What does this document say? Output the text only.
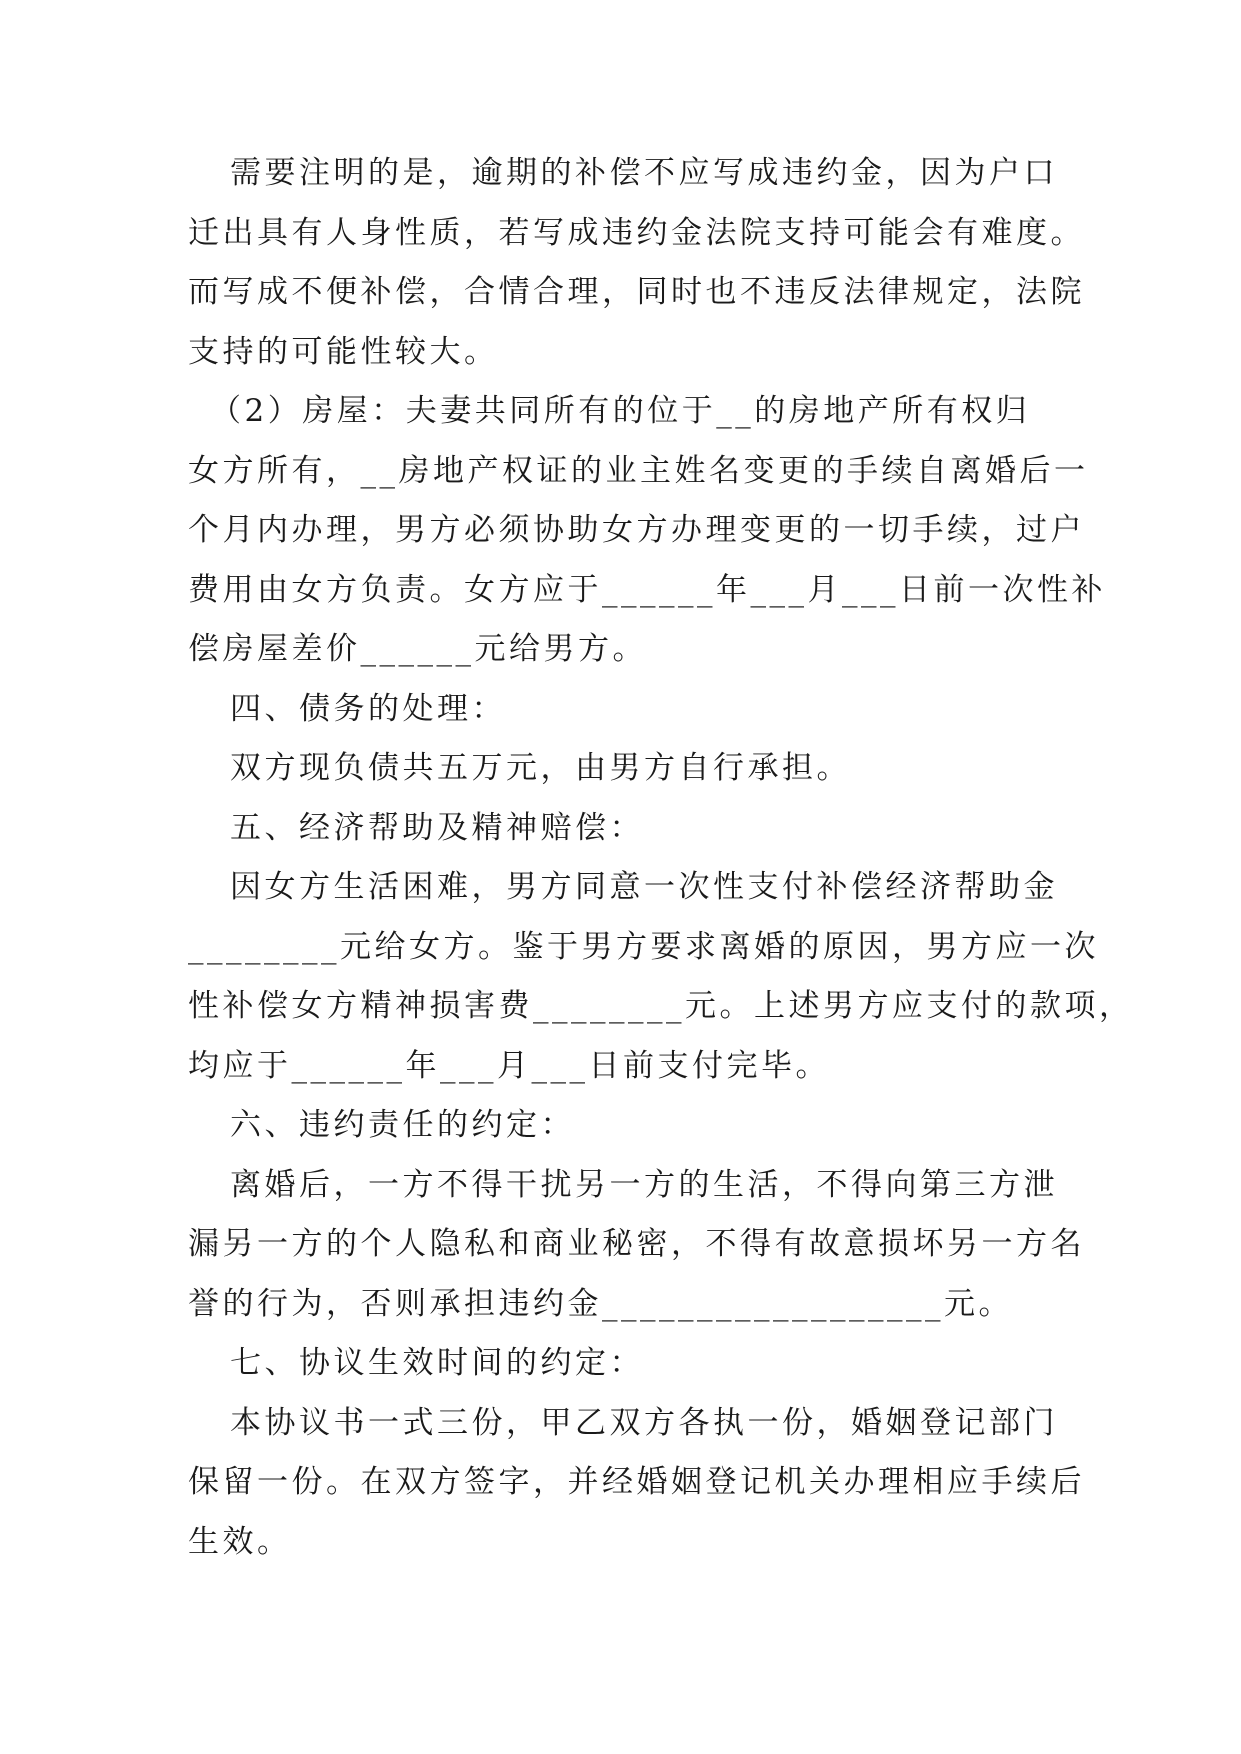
需要注明的是，逾期的补偿不应写成违约金，因为户口
迁出具有人身性质，若写成违约金法院支持可能会有难度。
而写成不便补偿，合情合理，同时也不违反法律规定，法院
支持的可能性较大。
（2）房屋：夫妻共同所有的位于__的房地产所有权归
女方所有，__房地产权证的业主姓名变更的手续自离婚后一
个月内办理，男方必须协助女方办理变更的一切手续，过户
费用由女方负责。女方应于______年___月___日前一次性补
偿房屋差价______元给男方。
四、债务的处理：
双方现负债共五万元，由男方自行承担。
五、经济帮助及精神赔偿：
因女方生活困难，男方同意一次性支付补偿经济帮助金
________元给女方。鉴于男方要求离婚的原因，男方应一次
性补偿女方精神损害费________元。上述男方应支付的款项，
均应于______年___月___日前支付完毕。
六、违约责任的约定：
离婚后，一方不得干扰另一方的生活，不得向第三方泄
漏另一方的个人隐私和商业秘密，不得有故意损坏另一方名
誉的行为，否则承担违约金__________________元。
七、协议生效时间的约定：
本协议书一式三份，甲乙双方各执一份，婚姻登记部门
保留一份。在双方签字，并经婚姻登记机关办理相应手续后
生效。
